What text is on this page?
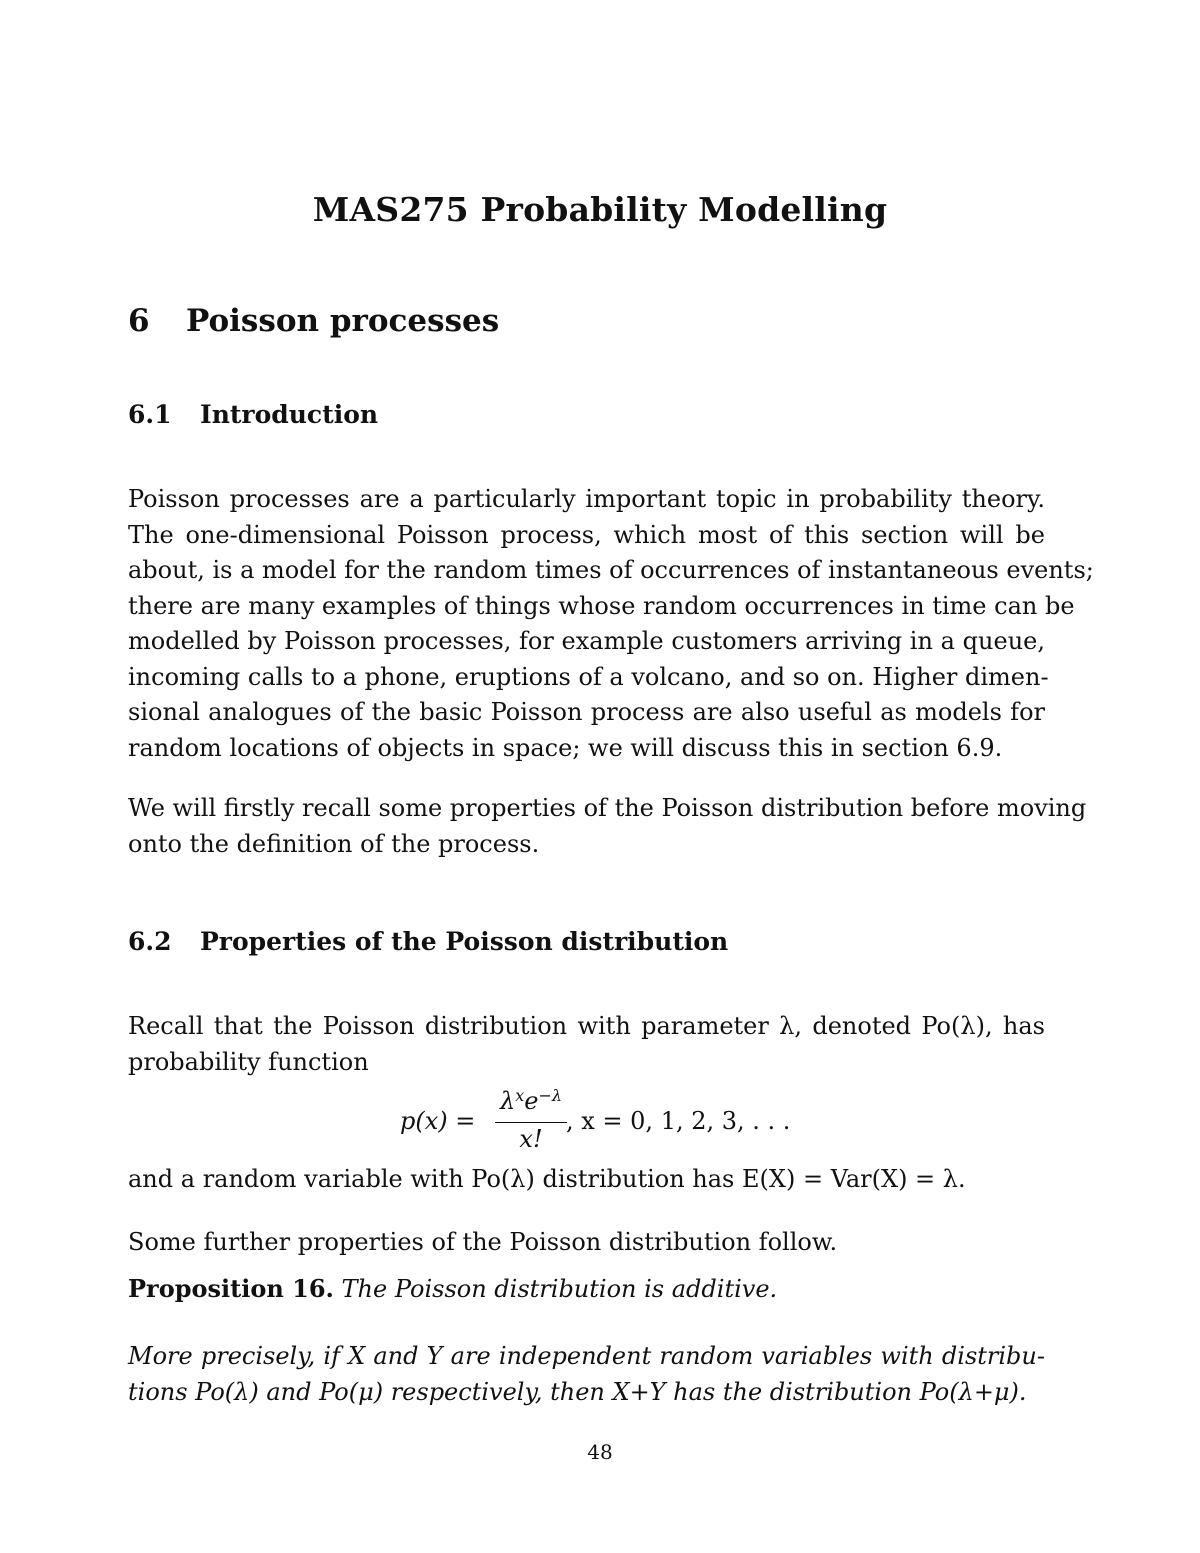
MAS275 Probability Modelling
6 Poisson processes
6.1 Introduction
Poisson processes are a particularly important topic in probability theory.
The one-dimensional Poisson process, which most of this section will be
about, is a model for the random times of occurrences of instantaneous events;
there are many examples of things whose random occurrences in time can be
modelled by Poisson processes, for example customers arriving in a queue,
incoming calls to a phone, eruptions of a volcano, and so on. Higher dimen-
sional analogues of the basic Poisson process are also useful as models for
random locations of objects in space; we will discuss this in section 6.9.
We will firstly recall some properties of the Poisson distribution before moving
onto the definition of the process.
6.2 Properties of the Poisson distribution
Recall that the Poisson distribution with parameter λ, denoted Po(λ), has
probability function
p(x) =
$\lambda^xe^{-\lambda}$
x!
, x = 0, 1, 2, 3, . . .
and a random variable with Po(λ) distribution has E(X) = Var(X) = λ.
Some further properties of the Poisson distribution follow.
Proposition 16. The Poisson distribution is additive.
More precisely, if X and Y are independent random variables with distribu-
tions Po(λ) and Po(μ) respectively, then X+Y has the distribution Po(λ+μ).
48
